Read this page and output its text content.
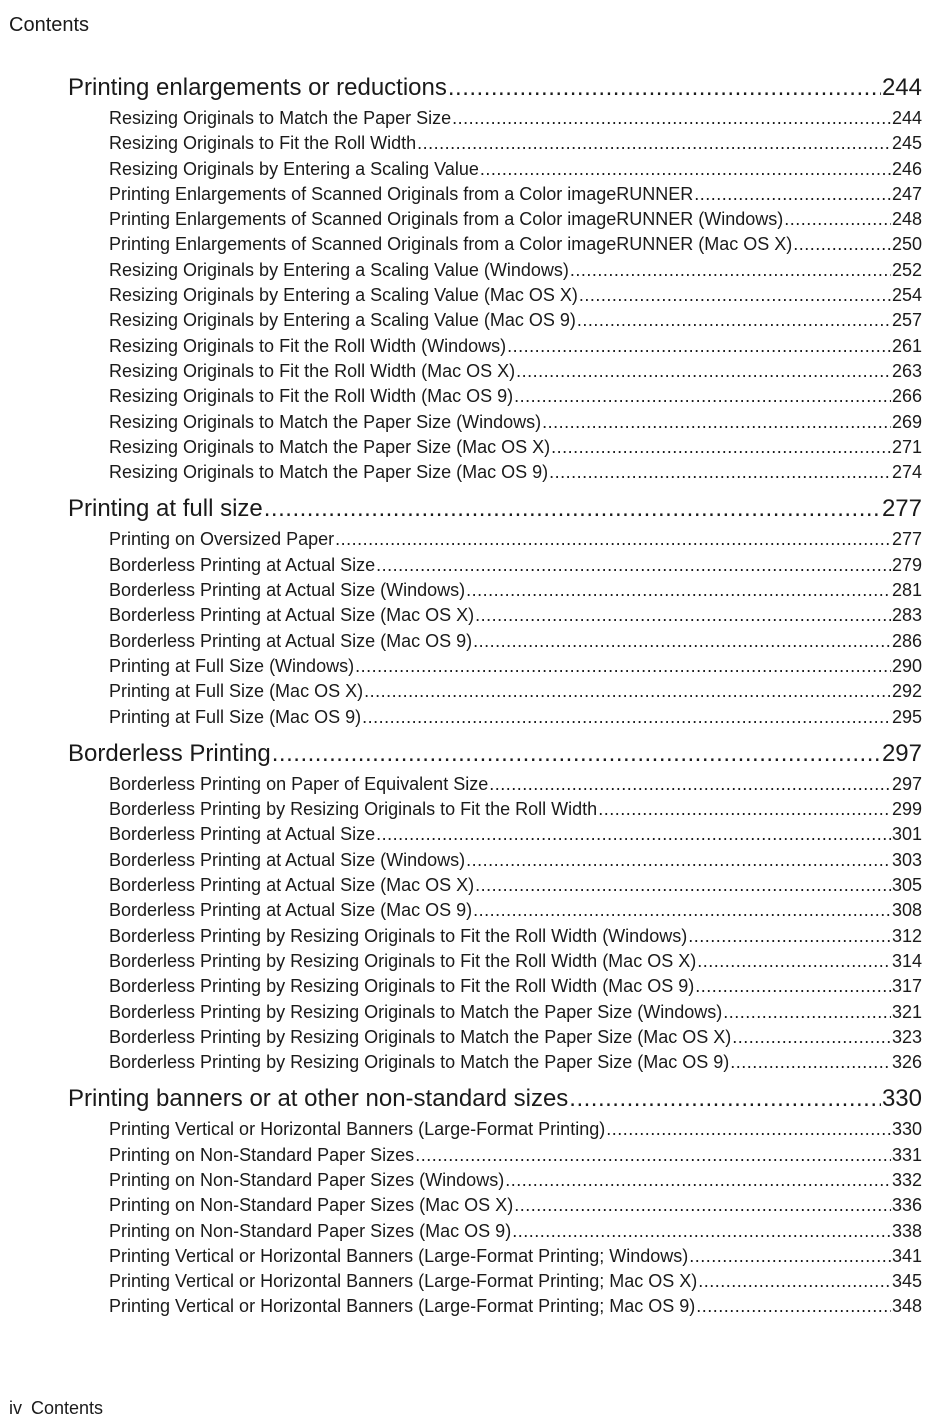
Contents
Printing enlargements or reductions .....	244
Resizing Originals to Match the Paper Size .....	244
Resizing Originals to Fit the Roll Width .....	245
Resizing Originals by Entering a Scaling Value .....	246
Printing Enlargements of Scanned Originals from a Color imageRUNNER .....	247
Printing Enlargements of Scanned Originals from a Color imageRUNNER (Windows) .....	248
Printing Enlargements of Scanned Originals from a Color imageRUNNER (Mac OS X) .....	250
Resizing Originals by Entering a Scaling Value (Windows) .....	252
Resizing Originals by Entering a Scaling Value (Mac OS X) .....	254
Resizing Originals by Entering a Scaling Value (Mac OS 9) .....	257
Resizing Originals to Fit the Roll Width (Windows) .....	261
Resizing Originals to Fit the Roll Width (Mac OS X) .....	263
Resizing Originals to Fit the Roll Width (Mac OS 9) .....	266
Resizing Originals to Match the Paper Size (Windows) .....	269
Resizing Originals to Match the Paper Size (Mac OS X) .....	271
Resizing Originals to Match the Paper Size (Mac OS 9) .....	274
Printing at full size .....	277
Printing on Oversized Paper .....	277
Borderless Printing at Actual Size .....	279
Borderless Printing at Actual Size (Windows) .....	281
Borderless Printing at Actual Size (Mac OS X) .....	283
Borderless Printing at Actual Size (Mac OS 9) .....	286
Printing at Full Size (Windows) .....	290
Printing at Full Size (Mac OS X) .....	292
Printing at Full Size (Mac OS 9) .....	295
Borderless Printing .....	297
Borderless Printing on Paper of Equivalent Size .....	297
Borderless Printing by Resizing Originals to Fit the Roll Width .....	299
Borderless Printing at Actual Size .....	301
Borderless Printing at Actual Size (Windows) .....	303
Borderless Printing at Actual Size (Mac OS X) .....	305
Borderless Printing at Actual Size (Mac OS 9) .....	308
Borderless Printing by Resizing Originals to Fit the Roll Width (Windows) .....	312
Borderless Printing by Resizing Originals to Fit the Roll Width (Mac OS X) .....	314
Borderless Printing by Resizing Originals to Fit the Roll Width (Mac OS 9) .....	317
Borderless Printing by Resizing Originals to Match the Paper Size (Windows) .....	321
Borderless Printing by Resizing Originals to Match the Paper Size (Mac OS X) .....	323
Borderless Printing by Resizing Originals to Match the Paper Size (Mac OS 9) .....	326
Printing banners or at other non-standard sizes .....	330
Printing Vertical or Horizontal Banners (Large-Format Printing) .....	330
Printing on Non-Standard Paper Sizes .....	331
Printing on Non-Standard Paper Sizes (Windows) .....	332
Printing on Non-Standard Paper Sizes (Mac OS X) .....	336
Printing on Non-Standard Paper Sizes (Mac OS 9) .....	338
Printing Vertical or Horizontal Banners (Large-Format Printing; Windows) .....	341
Printing Vertical or Horizontal Banners (Large-Format Printing; Mac OS X) .....	345
Printing Vertical or Horizontal Banners (Large-Format Printing; Mac OS 9) .....	348
iv Contents
